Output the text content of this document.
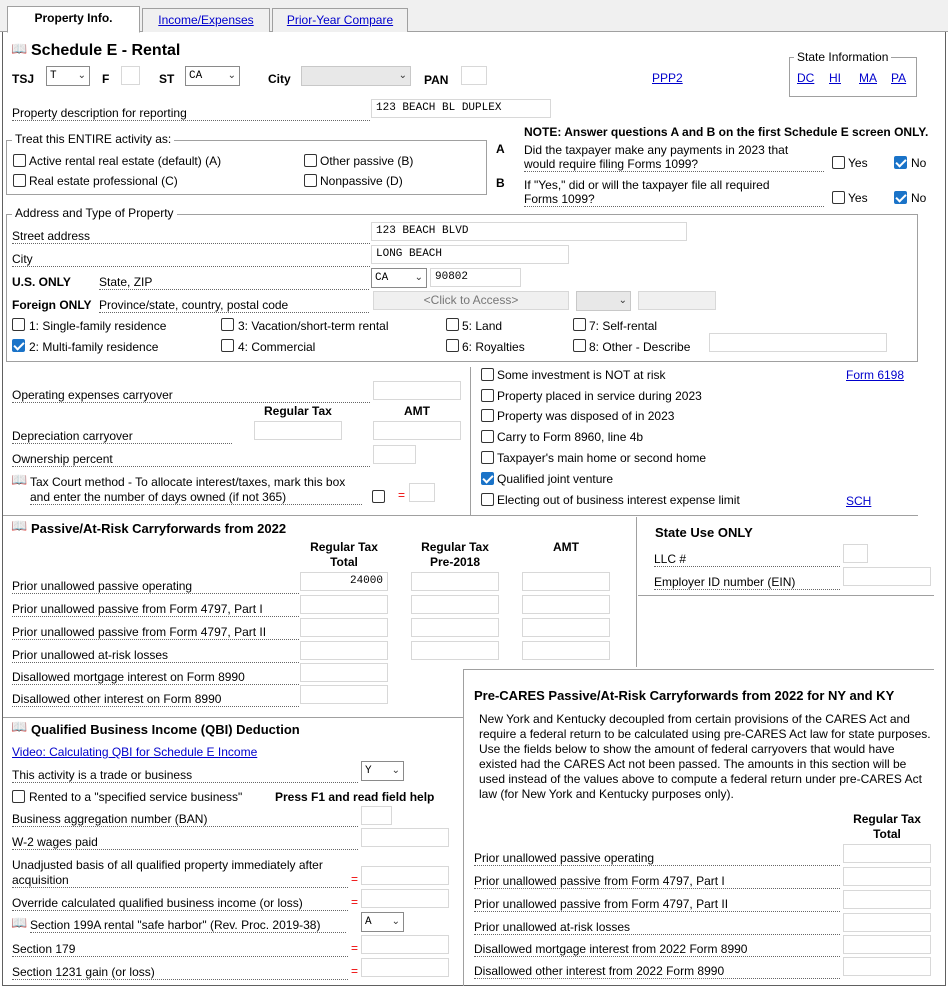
Property Info.	Income/Expenses	Prior-Year Compare
📖 Schedule E - Rental
TSJ	T ⌄ F	ST	CA	⌄	City	⌄ PAN	PPP2
State Information
DC HI MA PA
Property description for reporting	123 BEACH BL DUPLEX
Treat this ENTIRE activity as:
Active rental real estate (default) (A)	Other passive (B)
Real estate professional (C)	Nonpassive (D)
NOTE: Answer questions A and B on the first Schedule E screen ONLY.
A Did the taxpayer make any payments in 2023 that
would require filing Forms 1099?	Yes	No
B If "Yes," did or will the taxpayer file all required
Forms 1099?	Yes	No
Address and Type of Property
Street address	123 BEACH BLVD
City	LONG BEACH
U.S. ONLY State, ZIP	CA	⌄	90802
Foreign ONLY Province/state, country, postal code	<Click to Access>	⌄
1: Single-family residence
2: Multi-family residence
3: Vacation/short-term rental
4: Commercial
5: Land
6: Royalties
7: Self-rental
8: Other - Describe
Operating expenses carryover
Regular Tax	AMT
Depreciation carryover
Ownership percent
📖 Tax Court method - To allocate interest/taxes, mark this box
and enter the number of days owned (if not 365)	=
Some investment is NOT at risk	Form 6198
Property placed in service during 2023
Property was disposed of in 2023
Carry to Form 8960, line 4b
Taxpayer's main home or second home
Qualified joint venture
Electing out of business interest expense limit	SCH
📖 Passive/At-Risk Carryforwards from 2022
Regular Tax
Total
Regular Tax
Pre-2018
AMT
Prior unallowed passive operating	24000
Prior unallowed passive from Form 4797, Part I
Prior unallowed passive from Form 4797, Part II
Prior unallowed at-risk losses
Disallowed mortgage interest on Form 8990
Disallowed other interest on Form 8990
State Use ONLY
LLC #
Employer ID number (EIN)
📖 Qualified Business Income (QBI) Deduction
Video: Calculating QBI for Schedule E Income
This activity is a trade or business	Y ⌄
Rented to a "specified service business"	Press F1 and read field help
Business aggregation number (BAN)
W-2 wages paid
Unadjusted basis of all qualified property immediately after
acquisition	=
Override calculated qualified business income (or loss)	=
📖 Section 199A rental "safe harbor" (Rev. Proc. 2019-38)	A ⌄
Section 179	=
Section 1231 gain (or loss)	=
Pre-CARES Passive/At-Risk Carryforwards from 2022 for NY and KY
New York and Kentucky decoupled from certain provisions of the CARES Act and require a federal return to be calculated using pre-CARES Act law for state purposes. Use the fields below to show the amount of federal carryovers that would have existed had the CARES Act not been passed. The amounts in this section will be used instead of the values above to compute a federal return under pre-CARES Act law (for New York and Kentucky purposes only).
Regular Tax
Total
Prior unallowed passive operating
Prior unallowed passive from Form 4797, Part I
Prior unallowed passive from Form 4797, Part II
Prior unallowed at-risk losses
Disallowed mortgage interest from 2022 Form 8990
Disallowed other interest from 2022 Form 8990
